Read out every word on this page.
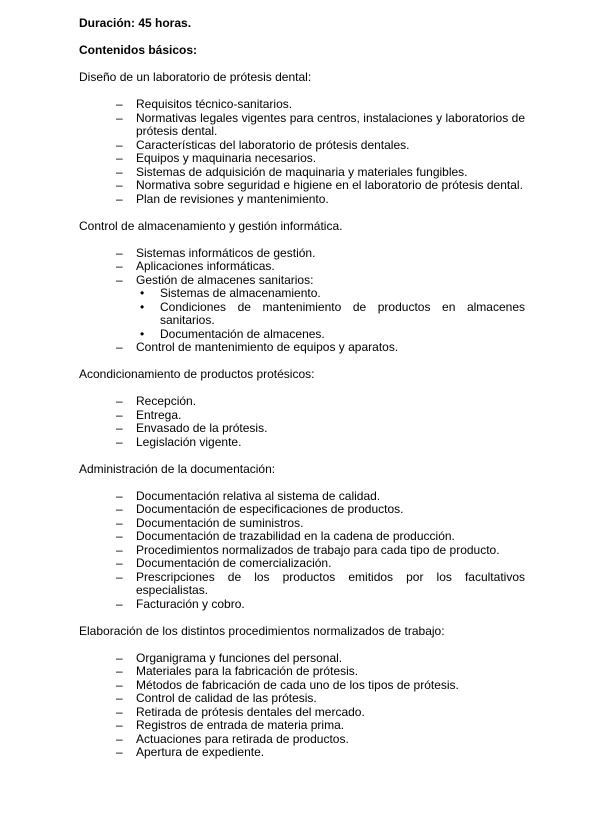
Duración: 45 horas.

Contenidos básicos:

Diseño de un laboratorio de prótesis dental:

– Requisitos técnico-sanitarios.
– Normativas legales vigentes para centros, instalaciones y laboratorios de prótesis dental.
– Características del laboratorio de prótesis dentales.
– Equipos y maquinaria necesarios.
– Sistemas de adquisición de maquinaria y materiales fungibles.
– Normativa sobre seguridad e higiene en el laboratorio de prótesis dental.
– Plan de revisiones y mantenimiento.

Control de almacenamiento y gestión informática.

– Sistemas informáticos de gestión.
– Aplicaciones informáticas.
– Gestión de almacenes sanitarios:
• Sistemas de almacenamiento.
• Condiciones de mantenimiento de productos en almacenes sanitarios.
• Documentación de almacenes.
– Control de mantenimiento de equipos y aparatos.

Acondicionamiento de productos protésicos:

– Recepción.
– Entrega.
– Envasado de la prótesis.
– Legislación vigente.

Administración de la documentación:

– Documentación relativa al sistema de calidad.
– Documentación de especificaciones de productos.
– Documentación de suministros.
– Documentación de trazabilidad en la cadena de producción.
– Procedimientos normalizados de trabajo para cada tipo de producto.
– Documentación de comercialización.
– Prescripciones de los productos emitidos por los facultativos especialistas.
– Facturación y cobro.

Elaboración de los distintos procedimientos normalizados de trabajo:

– Organigrama y funciones del personal.
– Materiales para la fabricación de prótesis.
– Métodos de fabricación de cada uno de los tipos de prótesis.
– Control de calidad de las prótesis.
– Retirada de prótesis dentales del mercado.
– Registros de entrada de materia prima.
– Actuaciones para retirada de productos.
– Apertura de expediente.
